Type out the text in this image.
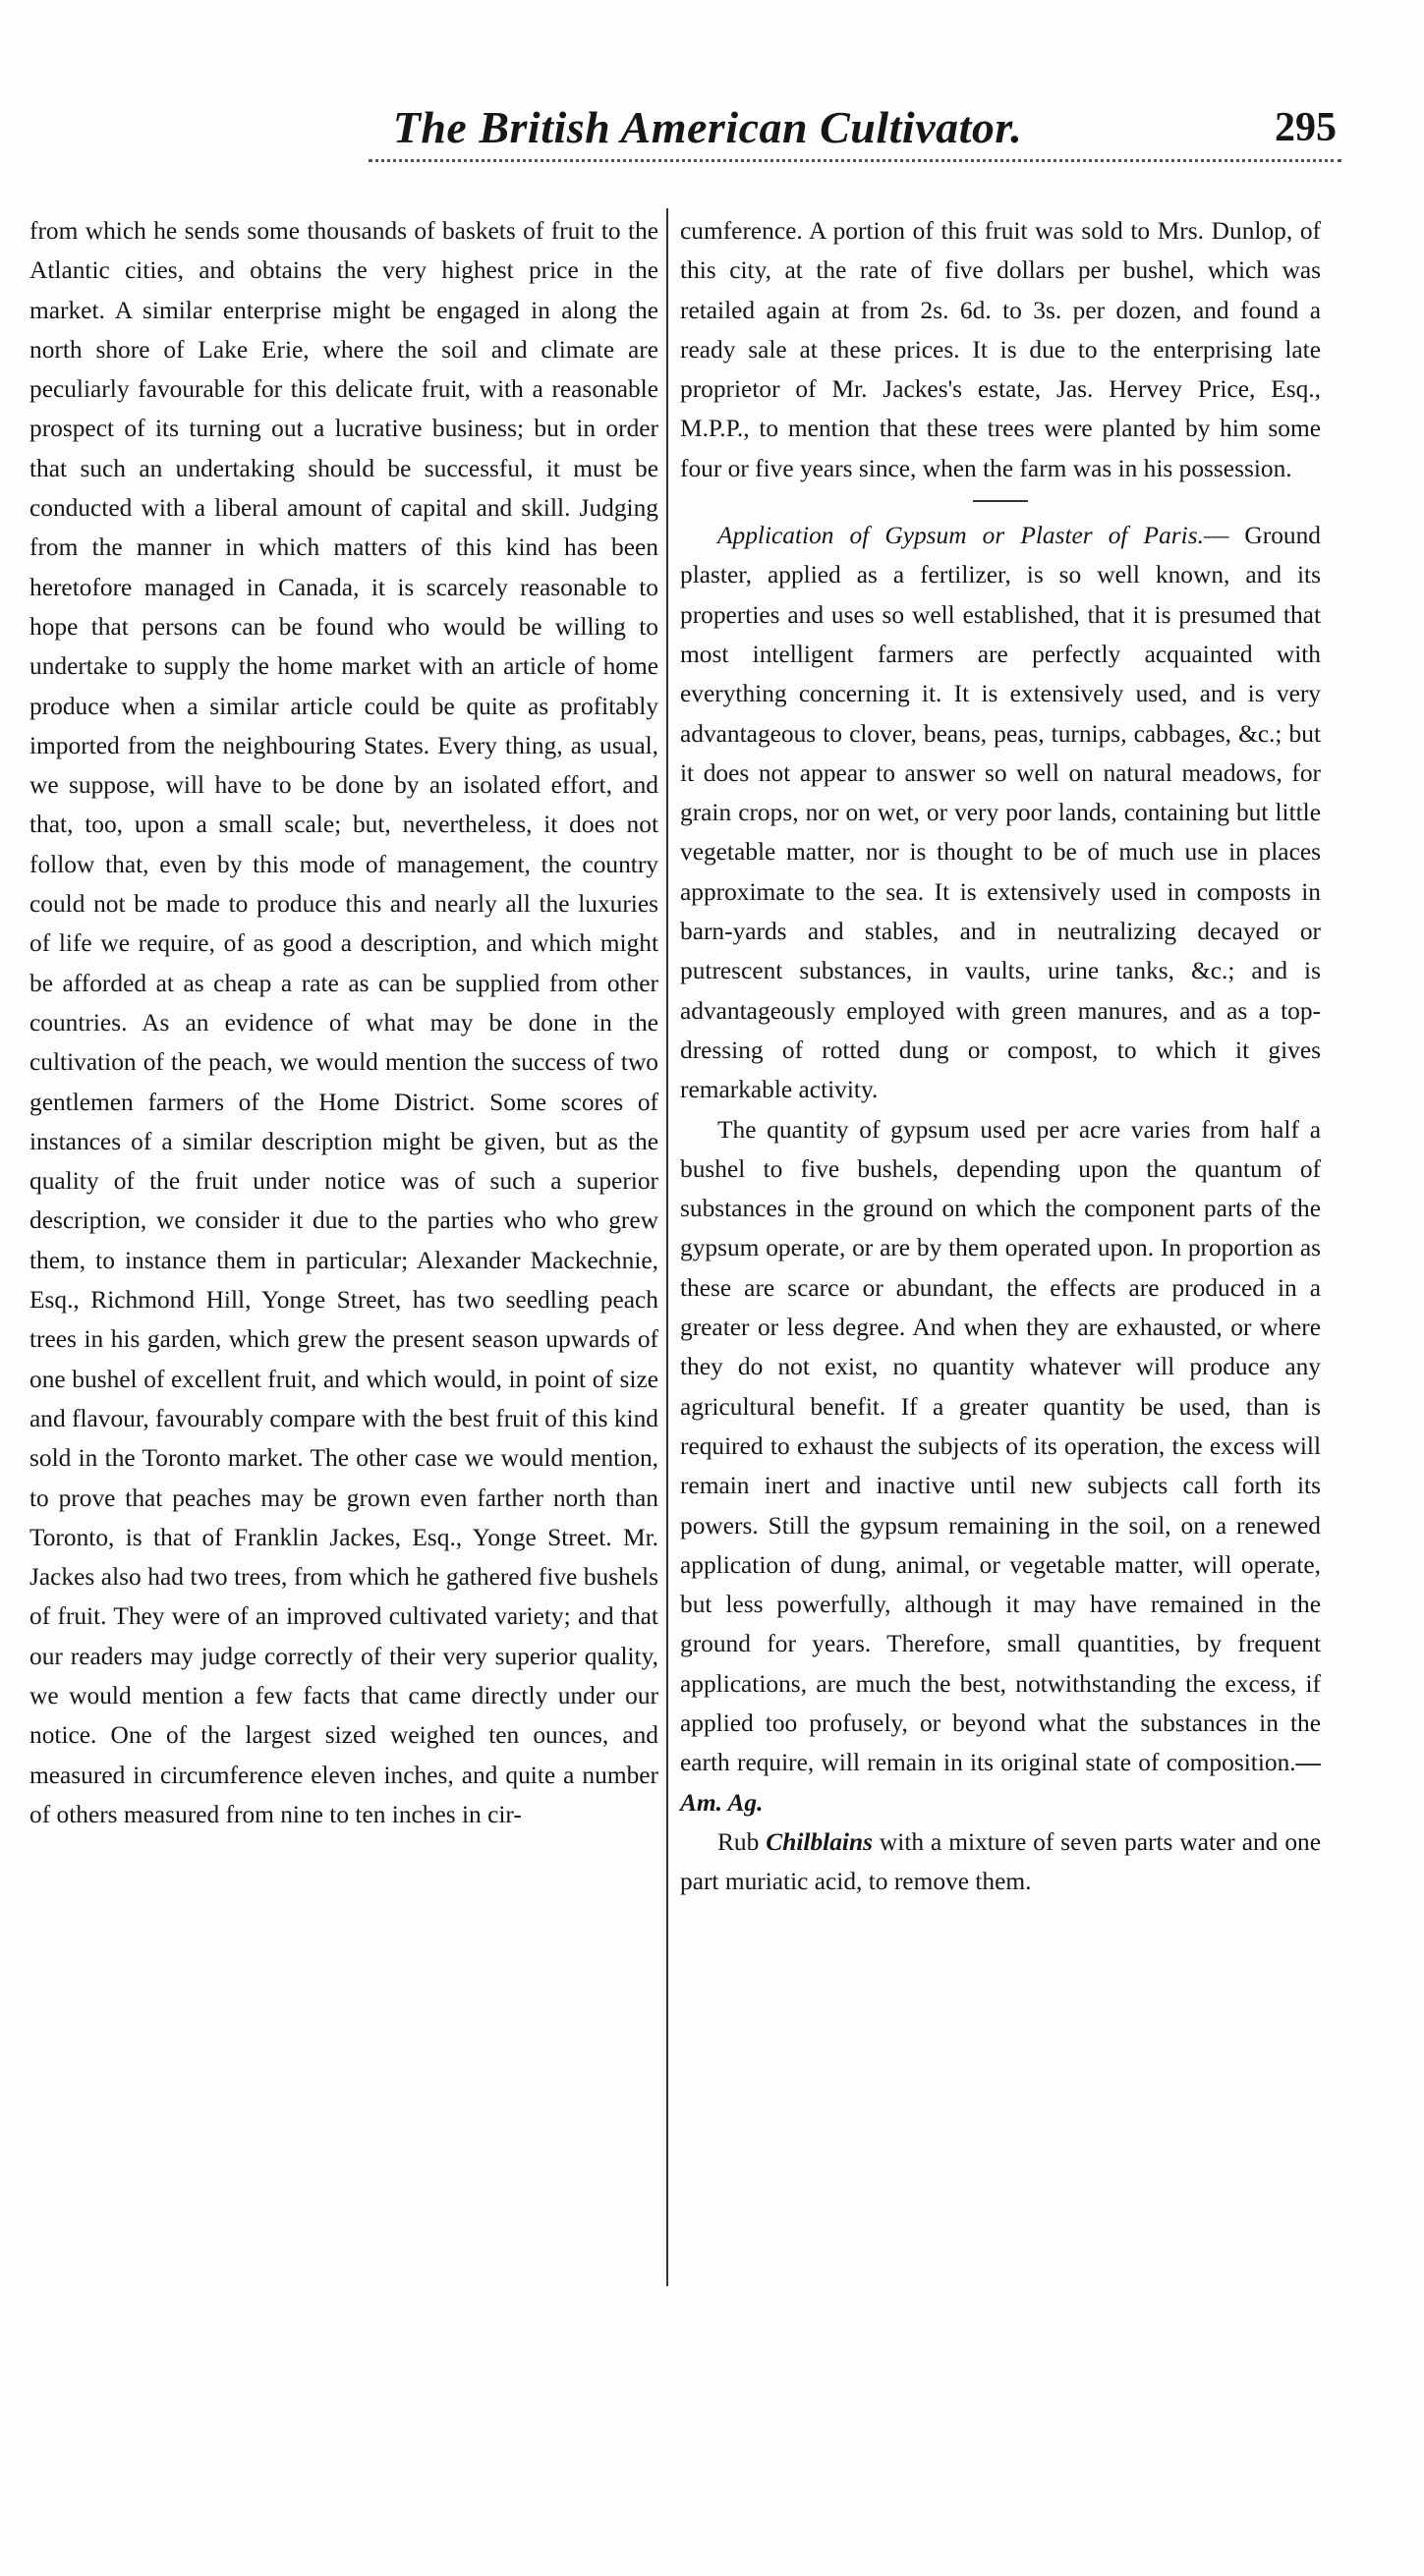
The British American Cultivator.	295

from which he sends some thousands of baskets of fruit to the Atlantic cities, and obtains the very highest price in the market. A similar enterprise might be engaged in along the north shore of Lake Erie, where the soil and climate are peculiarly favourable for this delicate fruit, with a reasonable prospect of its turning out a lucrative business; but in order that such an undertaking should be successful, it must be conducted with a liberal amount of capital and skill. Judging from the manner in which matters of this kind has been heretofore managed in Canada, it is scarcely reasonable to hope that persons can be found who would be willing to undertake to supply the home market with an article of home produce when a similar article could be quite as profitably imported from the neighbouring States. Every thing, as usual, we suppose, will have to be done by an isolated effort, and that, too, upon a small scale; but, nevertheless, it does not follow that, even by this mode of management, the country could not be made to produce this and nearly all the luxuries of life we require, of as good a description, and which might be afforded at as cheap a rate as can be supplied from other countries. As an evidence of what may be done in the cultivation of the peach, we would mention the success of two gentlemen farmers of the Home District. Some scores of instances of a similar description might be given, but as the quality of the fruit under notice was of such a superior description, we consider it due to the parties who who grew them, to instance them in particular; Alexander Mackechnie, Esq., Richmond Hill, Yonge Street, has two seedling peach trees in his garden, which grew the present season upwards of one bushel of excellent fruit, and which would, in point of size and flavour, favourably compare with the best fruit of this kind sold in the Toronto market. The other case we would mention, to prove that peaches may be grown even farther north than Toronto, is that of Franklin Jackes, Esq., Yonge Street. Mr. Jackes also had two trees, from which he gathered five bushels of fruit. They were of an improved cultivated variety; and that our readers may judge correctly of their very superior quality, we would mention a few facts that came directly under our notice. One of the largest sized weighed ten ounces, and measured in circumference eleven inches, and quite a number of others measured from nine to ten inches in cir-

cumference. A portion of this fruit was sold to Mrs. Dunlop, of this city, at the rate of five dollars per bushel, which was retailed again at from 2s. 6d. to 3s. per dozen, and found a ready sale at these prices. It is due to the enterprising late proprietor of Mr. Jackes's estate, Jas. Hervey Price, Esq., M.P.P., to mention that these trees were planted by him some four or five years since, when the farm was in his possession.

Application of Gypsum or Plaster of Paris.— Ground plaster, applied as a fertilizer, is so well known, and its properties and uses so well established, that it is presumed that most intelligent farmers are perfectly acquainted with everything concerning it. It is extensively used, and is very advantageous to clover, beans, peas, turnips, cabbages, &c.; but it does not appear to answer so well on natural meadows, for grain crops, nor on wet, or very poor lands, containing but little vegetable matter, nor is thought to be of much use in places approximate to the sea. It is extensively used in composts in barn-yards and stables, and in neutralizing decayed or putrescent substances, in vaults, urine tanks, &c.; and is advantageously employed with green manures, and as a top-dressing of rotted dung or compost, to which it gives remarkable activity.

The quantity of gypsum used per acre varies from half a bushel to five bushels, depending upon the quantum of substances in the ground on which the component parts of the gypsum operate, or are by them operated upon. In proportion as these are scarce or abundant, the effects are produced in a greater or less degree. And when they are exhausted, or where they do not exist, no quantity whatever will produce any agricultural benefit. If a greater quantity be used, than is required to exhaust the subjects of its operation, the excess will remain inert and inactive until new subjects call forth its powers. Still the gypsum remaining in the soil, on a renewed application of dung, animal, or vegetable matter, will operate, but less powerfully, although it may have remained in the ground for years. Therefore, small quantities, by frequent applications, are much the best, notwithstanding the excess, if applied too profusely, or beyond what the substances in the earth require, will remain in its original state of composition.—Am. Ag.

Rub Chilblains with a mixture of seven parts water and one part muriatic acid, to remove them.
